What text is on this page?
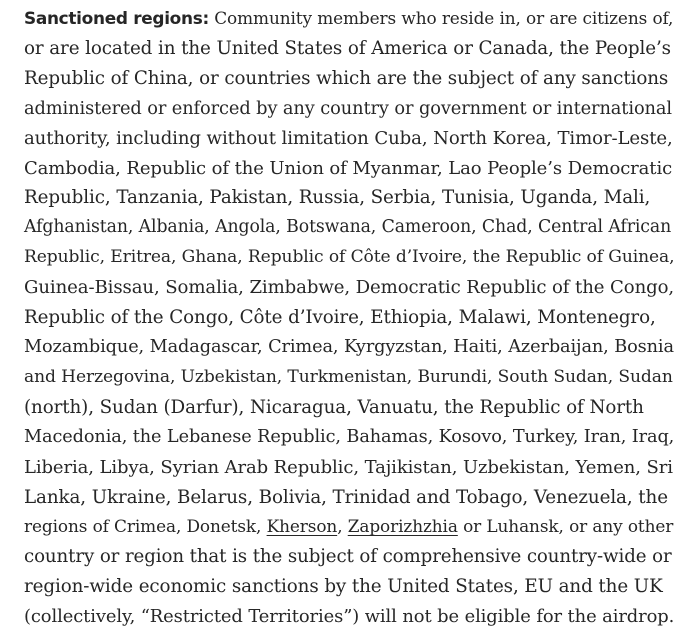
Sanctioned regions: Community members who reside in, or are citizens of,
or are located in the United States of America or Canada, the People’s
Republic of China, or countries which are the subject of any sanctions
administered or enforced by any country or government or international
authority, including without limitation Cuba, North Korea, Timor-Leste,
Cambodia, Republic of the Union of Myanmar, Lao People’s Democratic
Republic, Tanzania, Pakistan, Russia, Serbia, Tunisia, Uganda, Mali,
Afghanistan, Albania, Angola, Botswana, Cameroon, Chad, Central African
Republic, Eritrea, Ghana, Republic of Côte d’Ivoire, the Republic of Guinea,
Guinea-Bissau, Somalia, Zimbabwe, Democratic Republic of the Congo,
Republic of the Congo, Côte d’Ivoire, Ethiopia, Malawi, Montenegro,
Mozambique, Madagascar, Crimea, Kyrgyzstan, Haiti, Azerbaijan, Bosnia
and Herzegovina, Uzbekistan, Turkmenistan, Burundi, South Sudan, Sudan
(north), Sudan (Darfur), Nicaragua, Vanuatu, the Republic of North
Macedonia, the Lebanese Republic, Bahamas, Kosovo, Turkey, Iran, Iraq,
Liberia, Libya, Syrian Arab Republic, Tajikistan, Uzbekistan, Yemen, Sri
Lanka, Ukraine, Belarus, Bolivia, Trinidad and Tobago, Venezuela, the
regions of Crimea, Donetsk, Kherson, Zaporizhzhia or Luhansk, or any other
country or region that is the subject of comprehensive country-wide or
region-wide economic sanctions by the United States, EU and the UK
(collectively, “Restricted Territories”) will not be eligible for the airdrop.
